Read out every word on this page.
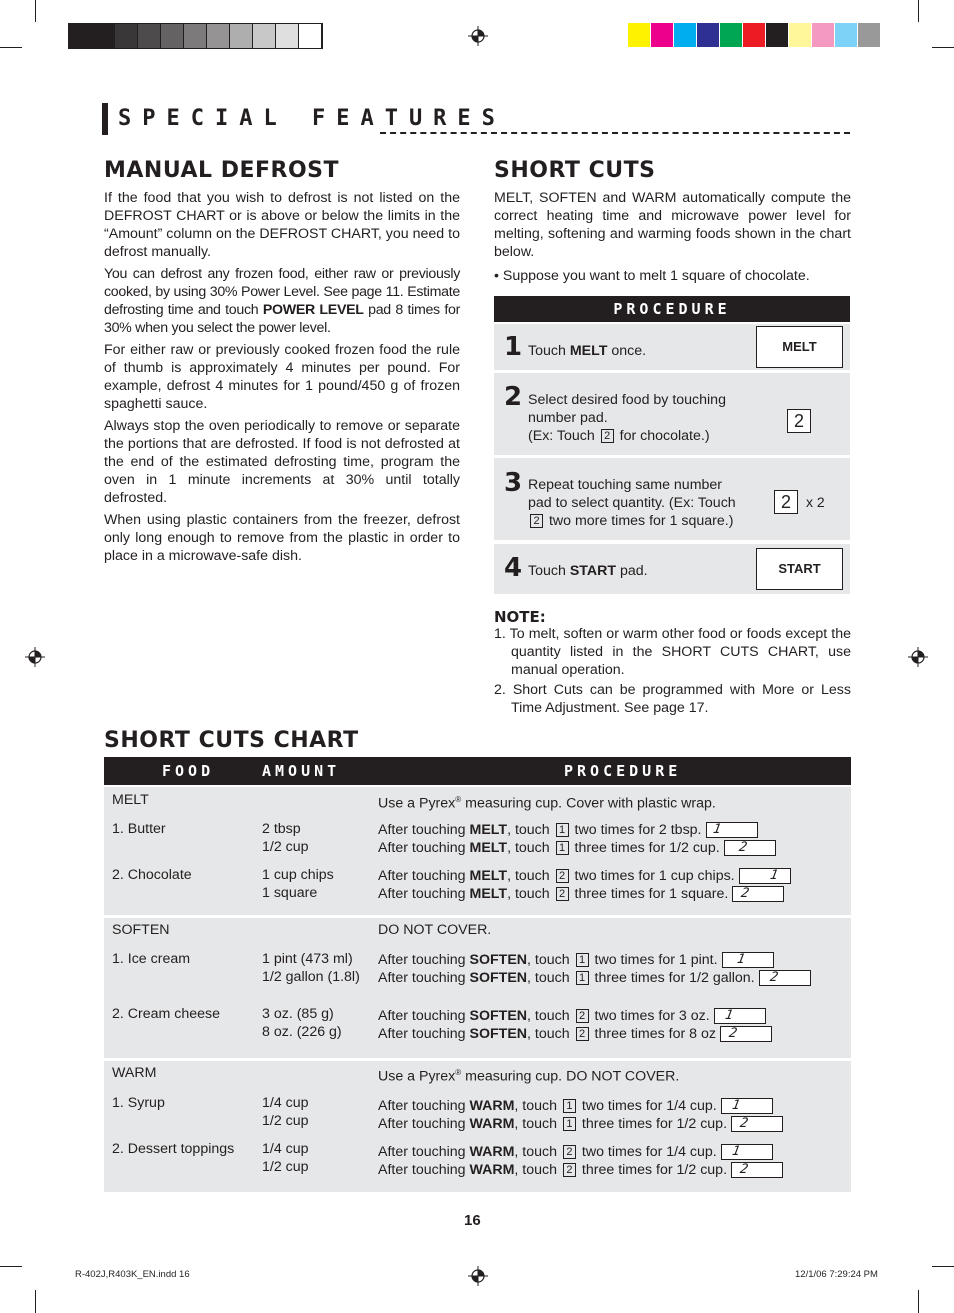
SPECIAL FEATURES
MANUAL DEFROST

If the food that you wish to defrost is not listed on the DEFROST CHART or is above or below the limits in the “Amount” column on the DEFROST CHART, you need to defrost manually.

You can defrost any frozen food, either raw or previously cooked, by using 30% Power Level. See page 11. Estimate defrosting time and touch POWER LEVEL pad 8 times for 30% when you select the power level.

For either raw or previously cooked frozen food the rule of thumb is approximately 4 minutes per pound. For example, defrost 4 minutes for 1 pound/450 g of frozen spaghetti sauce.

Always stop the oven periodically to remove or separate the portions that are defrosted. If food is not defrosted at the end of the estimated defrosting time, program the oven in 1 minute increments at 30% until totally defrosted.

When using plastic containers from the freezer, defrost only long enough to remove from the plastic in order to place in a microwave-safe dish.

SHORT CUTS

MELT, SOFTEN and WARM automatically compute the correct heating time and microwave power level for melting, softening and warming foods shown in the chart below.

• Suppose you want to melt 1 square of chocolate.

PROCEDURE
1 Touch MELT once.	MELT
2 Select desired food by touching
number pad.
(Ex: Touch 2 for chocolate.)
2
3 Repeat touching same number
pad to select quantity. (Ex: Touch
2 two more times for 1 square.)
2	x 2
4 Touch START pad.	START
NOTE:
1. To melt, soften or warm other food or foods except the quantity listed in the SHORT CUTS CHART, use manual operation.
2. Short Cuts can be programmed with More or Less Time Adjustment. See page 17.
SHORT CUTS CHART
FOOD	AMOUNT	PROCEDURE
MELT	Use a Pyrex® measuring cup. Cover with plastic wrap.
1. Butter	2 tbsp
1/2 cup
After touching MELT, touch 1 two times for 2 tbsp. 1
After touching MELT, touch 1 three times for 1/2 cup. 2
2. Chocolate	1 cup chips
1 square
After touching MELT, touch 2 two times for 1 cup chips.	1
After touching MELT, touch 2 three times for 1 square. 2
SOFTEN	DO NOT COVER.
1. Ice cream	1 pint (473 ml)
1/2 gallon (1.8l)
After touching SOFTEN, touch 1 two times for 1 pint. 1
After touching SOFTEN, touch 1 three times for 1/2 gallon. 2
2. Cream cheese	3 oz. (85 g)
8 oz. (226 g)
After touching SOFTEN, touch 2 two times for 3 oz. 1
After touching SOFTEN, touch 2 three times for 8 oz 2
WARM	Use a Pyrex® measuring cup. DO NOT COVER.
1. Syrup	1/4 cup
1/2 cup
After touching WARM, touch 1 two times for 1/4 cup. 1
After touching WARM, touch 1 three times for 1/2 cup. 2
2. Dessert toppings 1/4 cup
1/2 cup
After touching WARM, touch 2 two times for 1/4 cup. 1
After touching WARM, touch 2 three times for 1/2 cup. 2
16
R-402J,R403K_EN.indd 16	12/1/06 7:29:24 PM
